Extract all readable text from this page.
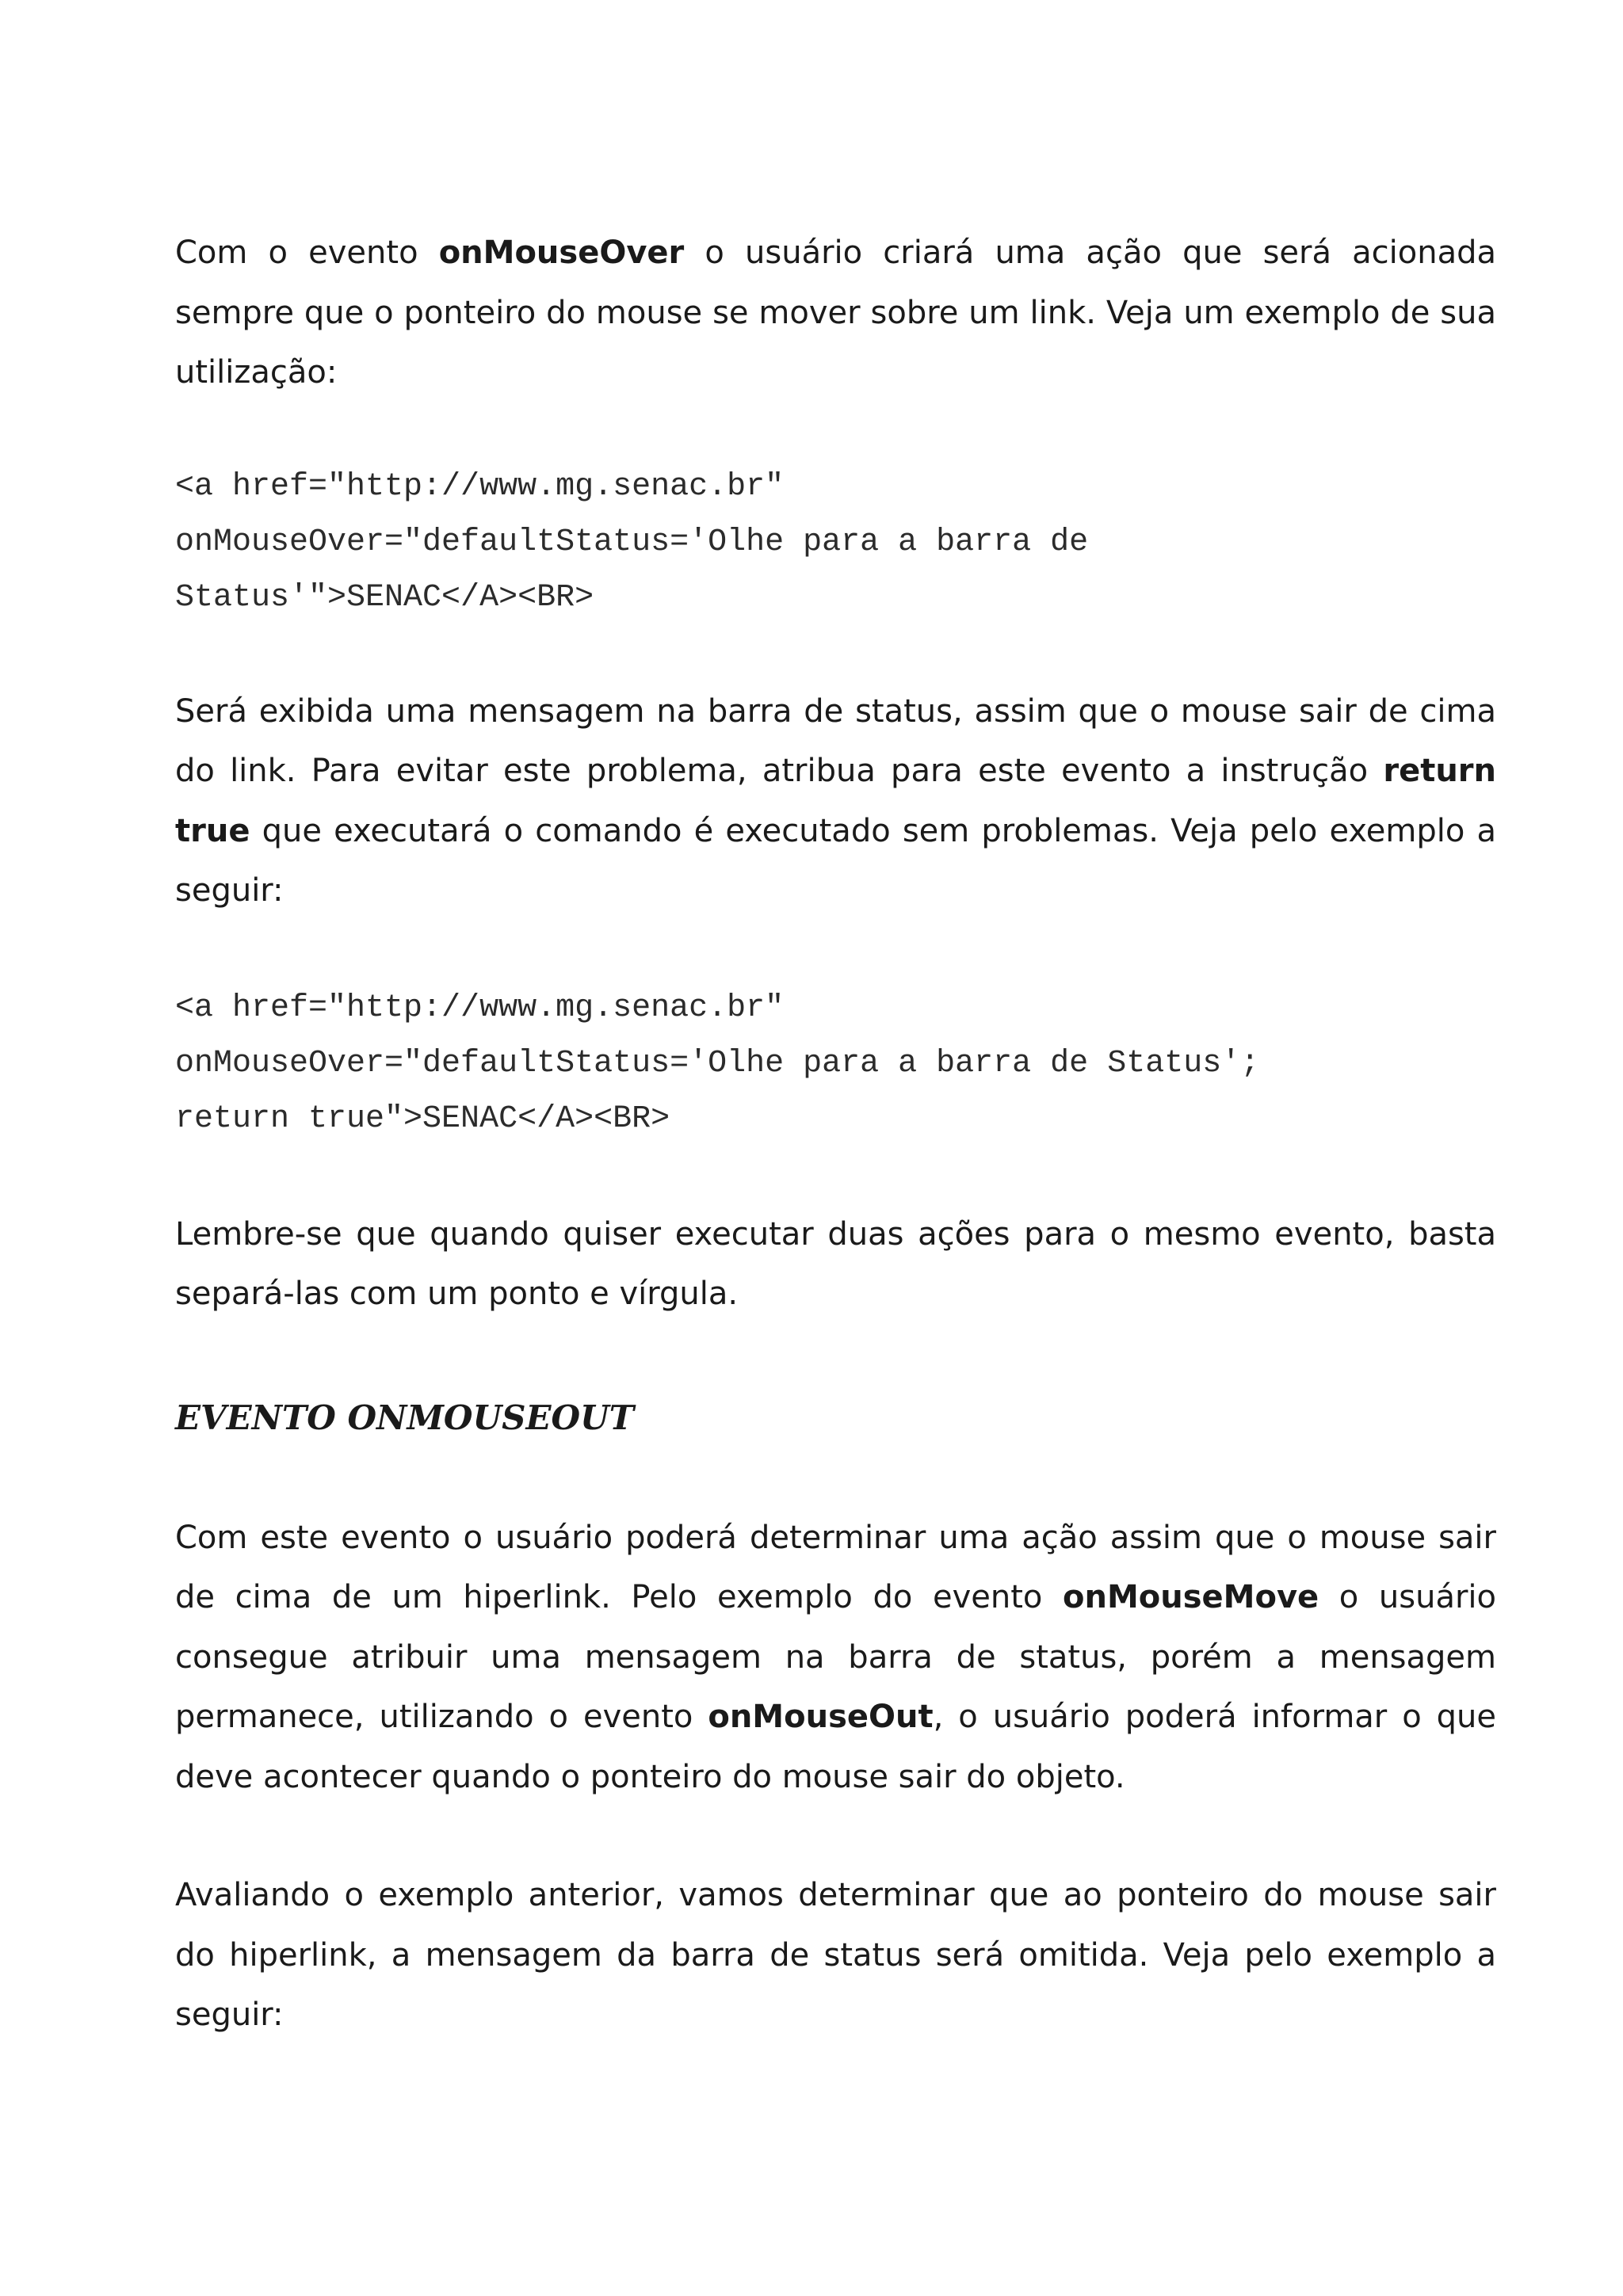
Com o evento onMouseOver o usuário criará uma ação que será acionada sempre que o ponteiro do mouse se mover sobre um link. Veja um exemplo de sua utilização:

<a href="http://www.mg.senac.br"
onMouseOver="defaultStatus='Olhe para a barra de
Status'">SENAC</A><BR>

Será exibida uma mensagem na barra de status, assim que o mouse sair de cima do link. Para evitar este problema, atribua para este evento a instrução return true que executará o comando é executado sem problemas. Veja pelo exemplo a seguir:

<a href="http://www.mg.senac.br"
onMouseOver="defaultStatus='Olhe para a barra de Status';
return true">SENAC</A><BR>

Lembre-se que quando quiser executar duas ações para o mesmo evento, basta separá-las com um ponto e vírgula.

EVENTO ONMOUSEOUT

Com este evento o usuário poderá determinar uma ação assim que o mouse sair de cima de um hiperlink. Pelo exemplo do evento onMouseMove o usuário consegue atribuir uma mensagem na barra de status, porém a mensagem permanece, utilizando o evento onMouseOut, o usuário poderá informar o que deve acontecer quando o ponteiro do mouse sair do objeto.

Avaliando o exemplo anterior, vamos determinar que ao ponteiro do mouse sair do hiperlink, a mensagem da barra de status será omitida. Veja pelo exemplo a seguir:
